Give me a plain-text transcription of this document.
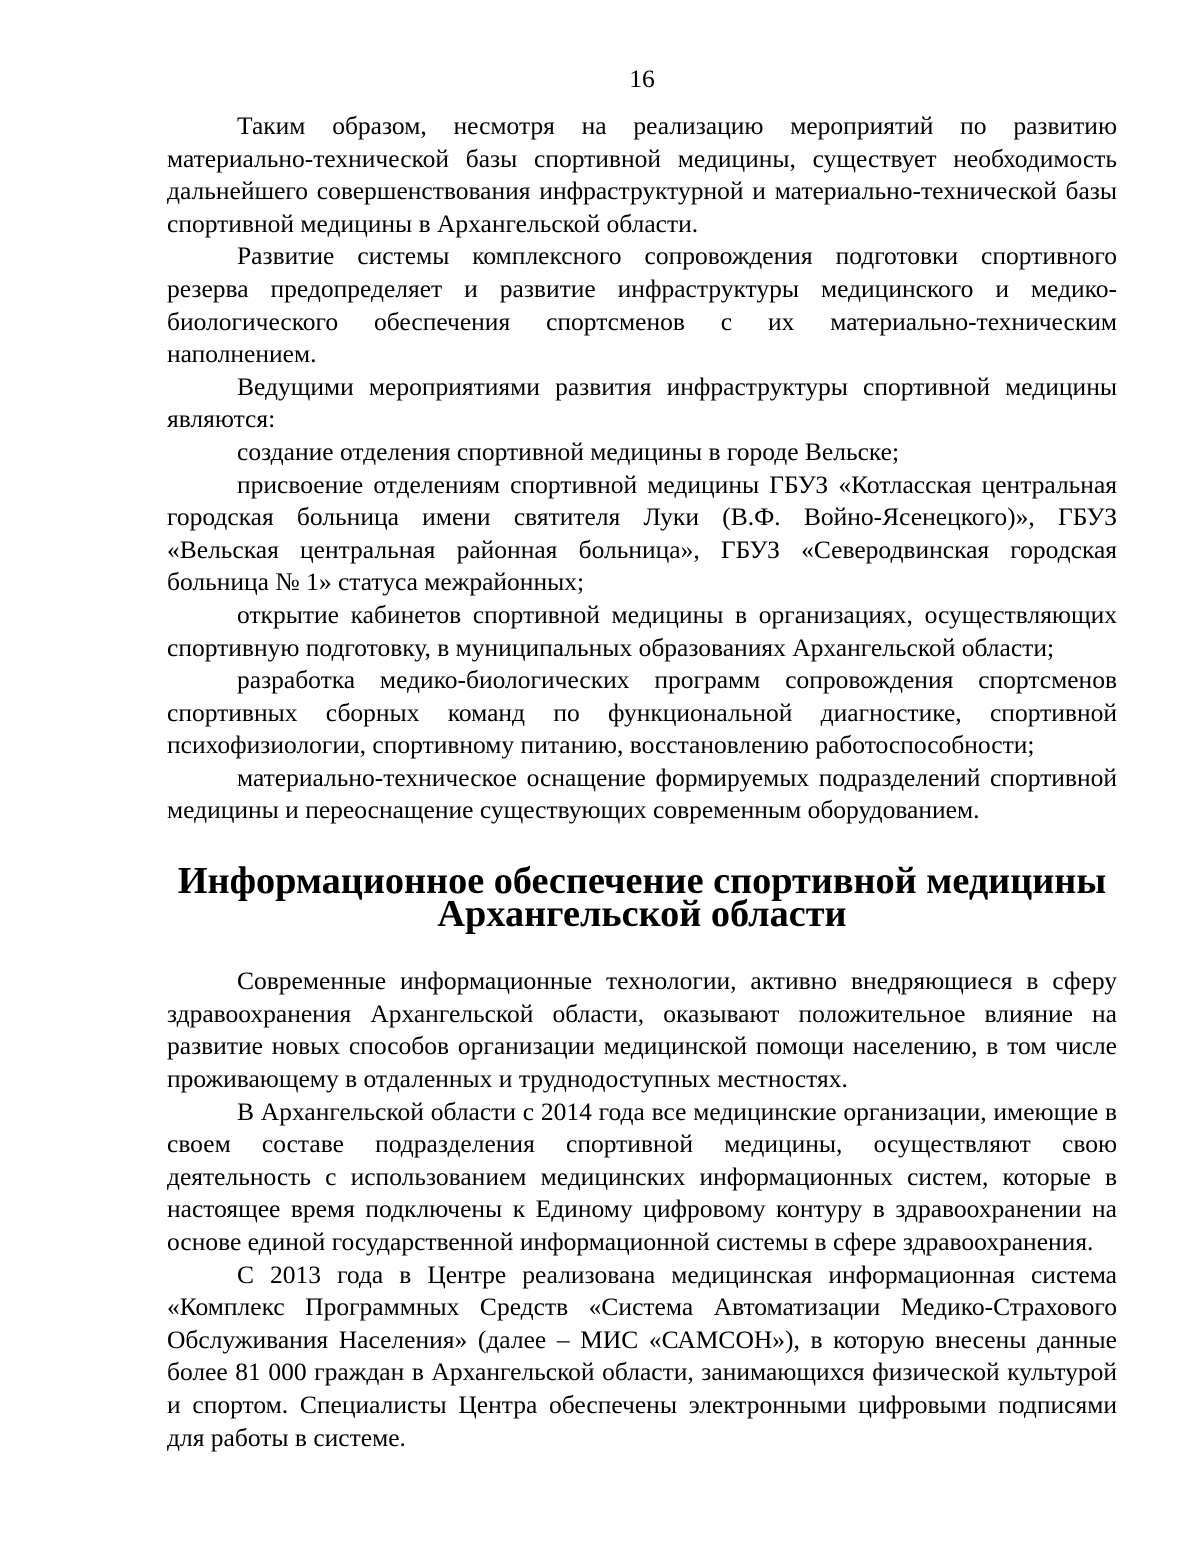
16

Таким образом, несмотря на реализацию мероприятий по развитию материально-технической базы спортивной медицины, существует необходимость дальнейшего совершенствования инфраструктурной и материально-технической базы спортивной медицины в Архангельской области.

Развитие системы комплексного сопровождения подготовки спортивного резерва предопределяет и развитие инфраструктуры медицинского и медико-биологического обеспечения спортсменов с их материально-техническим наполнением.

Ведущими мероприятиями развития инфраструктуры спортивной медицины являются:

создание отделения спортивной медицины в городе Вельске;

присвоение отделениям спортивной медицины ГБУЗ «Котласская центральная городская больница имени святителя Луки (В.Ф. Войно-Ясенецкого)», ГБУЗ «Вельская центральная районная больница», ГБУЗ «Северодвинская городская больница № 1» статуса межрайонных;

открытие кабинетов спортивной медицины в организациях, осуществляющих спортивную подготовку, в муниципальных образованиях Архангельской области;

разработка медико-биологических программ сопровождения спортсменов спортивных сборных команд по функциональной диагностике, спортивной психофизиологии, спортивному питанию, восстановлению работоспособности;

материально-техническое оснащение формируемых подразделений спортивной медицины и переоснащение существующих современным оборудованием.

Информационное обеспечение спортивной медицины
Архангельской области

Современные информационные технологии, активно внедряющиеся в сферу здравоохранения Архангельской области, оказывают положительное влияние на развитие новых способов организации медицинской помощи населению, в том числе проживающему в отдаленных и труднодоступных местностях.

В Архангельской области с 2014 года все медицинские организации, имеющие в своем составе подразделения спортивной медицины, осуществляют свою деятельность с использованием медицинских информационных систем, которые в настоящее время подключены к Единому цифровому контуру в здравоохранении на основе единой государственной информационной системы в сфере здравоохранения.

С 2013 года в Центре реализована медицинская информационная система «Комплекс Программных Средств «Система Автоматизации Медико-Страхового Обслуживания Населения» (далее – МИС «САМСОН»), в которую внесены данные более 81 000 граждан в Архангельской области, занимающихся физической культурой и спортом. Специалисты Центра обеспечены электронными цифровыми подписями для работы в системе.
